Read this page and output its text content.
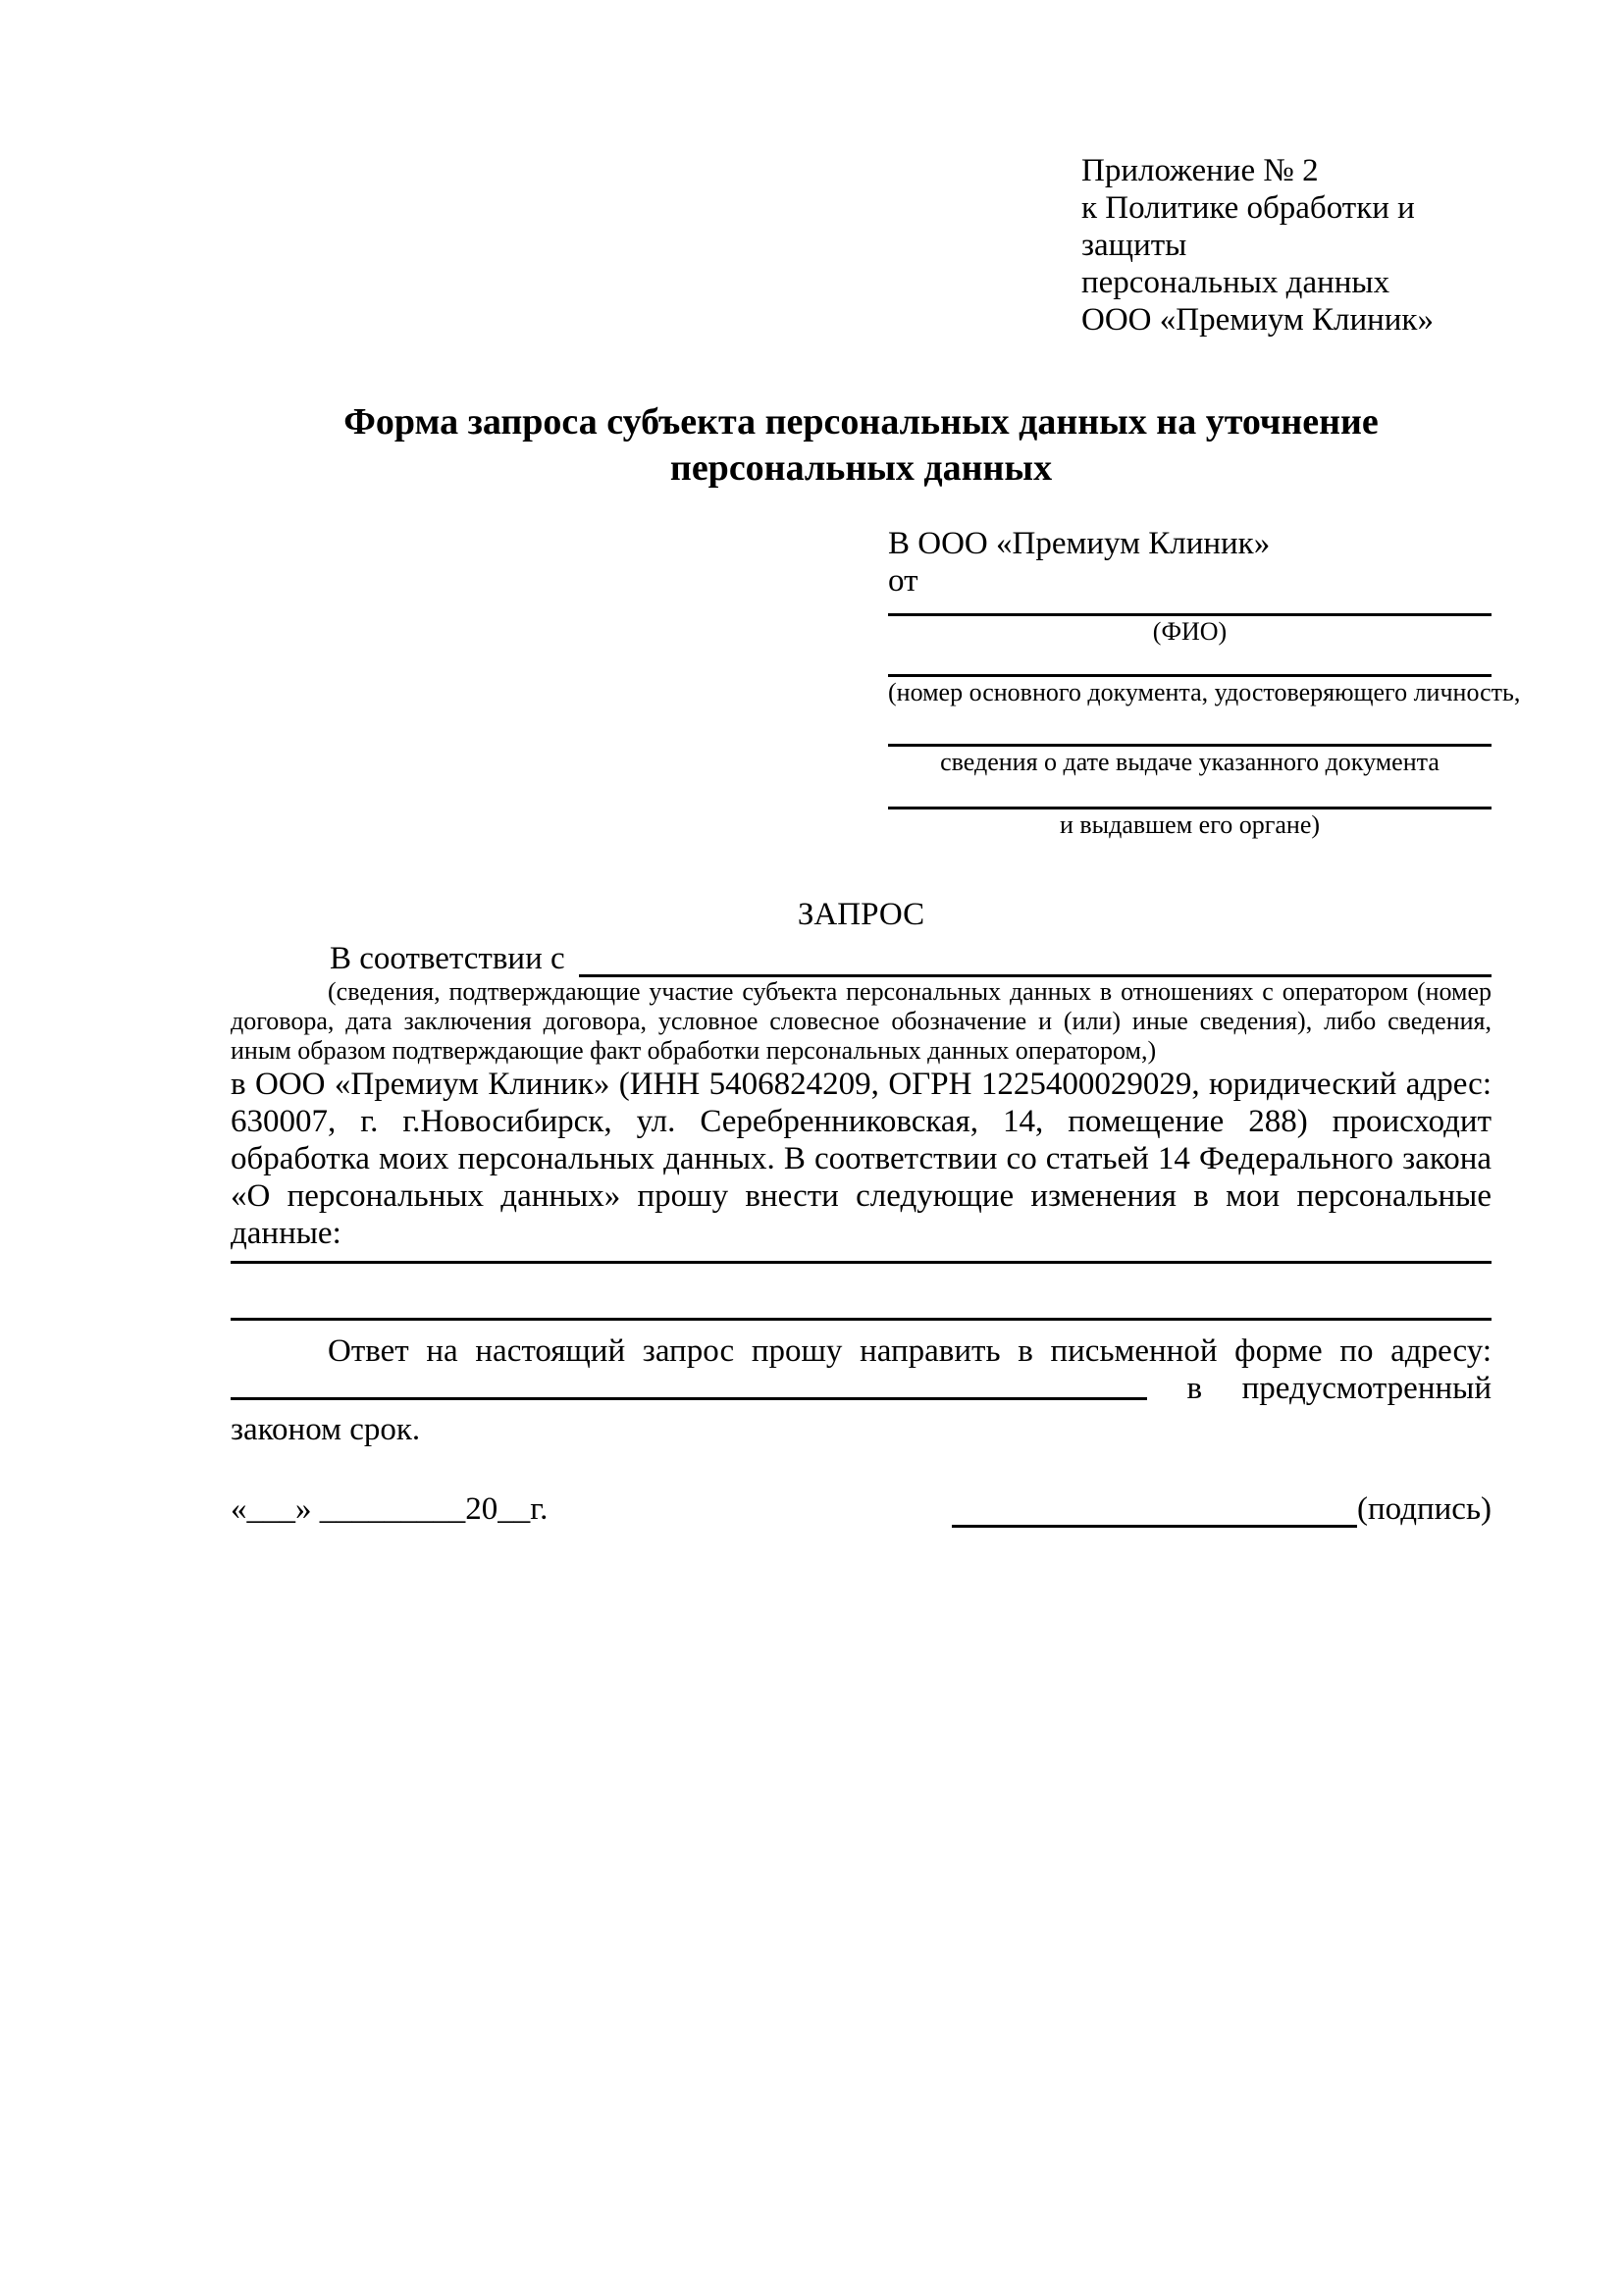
Приложение № 2
к Политике обработки и защиты
персональных данных
ООО «Премиум Клиник»
Форма запроса субъекта персональных данных на уточнение
персональных данных
В ООО «Премиум Клиник»
от
(ФИО)
(номер основного документа, удостоверяющего личность,
сведения о дате выдаче указанного документа
и выдавшем его органе)
ЗАПРОС
В соответствии с
(сведения, подтверждающие участие субъекта персональных данных в отношениях с оператором (номер договора, дата заключения договора, условное словесное обозначение и (или) иные сведения), либо сведения, иным образом подтверждающие факт обработки персональных данных оператором,)
в ООО «Премиум Клиник» (ИНН 5406824209, ОГРН 1225400029029, юридический адрес: 630007, г. г.Новосибирск, ул. Серебренниковская, 14, помещение 288) происходит обработка моих персональных данных. В соответствии со статьей 14 Федерального закона «О персональных данных» прошу внести следующие изменения в мои персональные данные:
Ответ на настоящий запрос прошу направить в письменной форме по адресу:
в предусмотренный
законом срок.
«___» _________20__г.	(подпись)
